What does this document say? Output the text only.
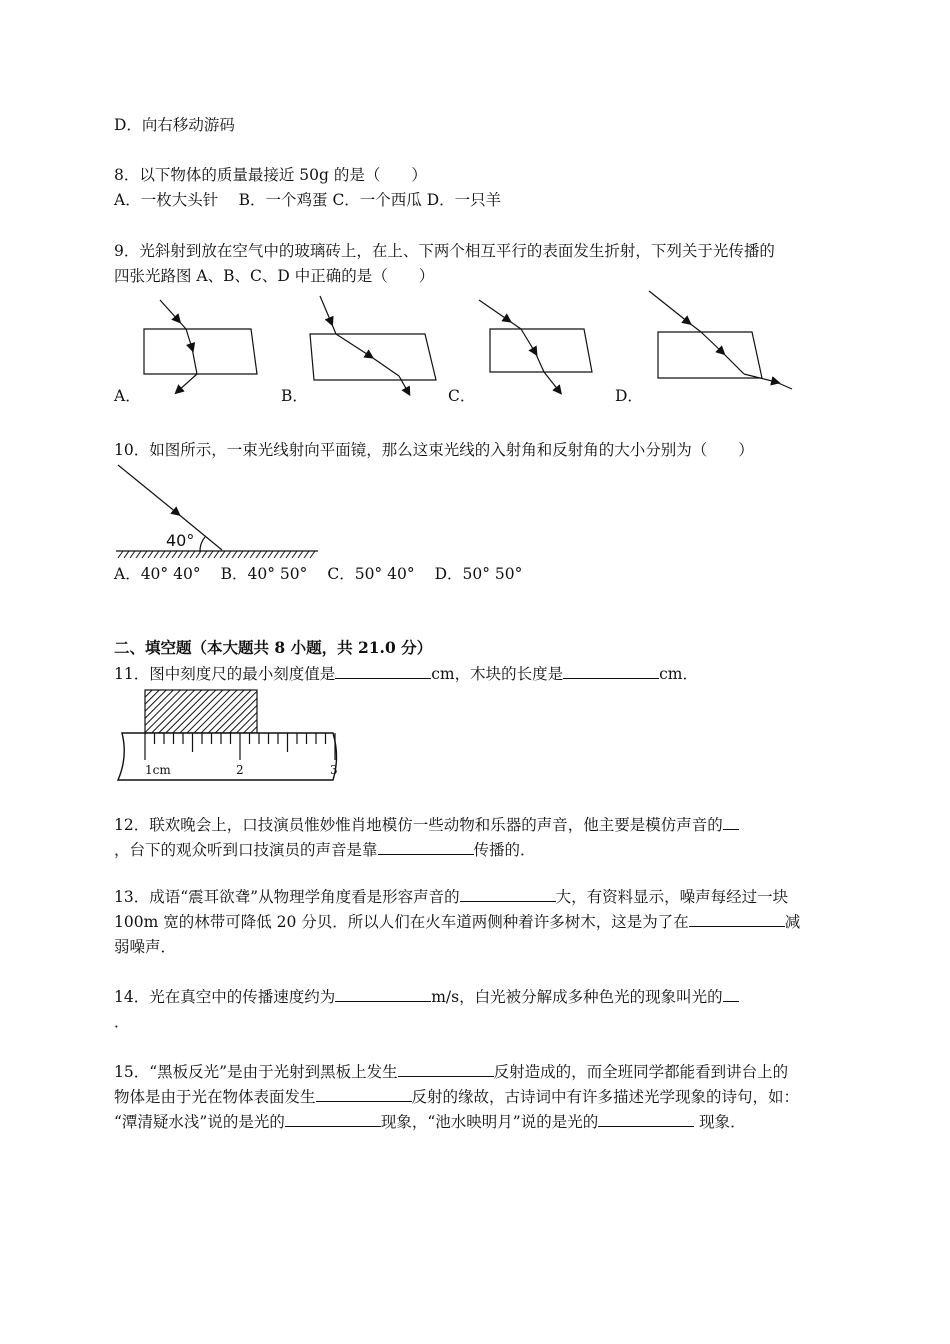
D．向右移动游码
8．以下物体的质量最接近 50g 的是（　　）
A．一枚大头针　 B．一个鸡蛋 C．一个西瓜 D．一只羊
9．光斜射到放在空气中的玻璃砖上，在上、下两个相互平行的表面发生折射，下列关于光传播的
四张光路图 A、B、C、D 中正确的是（　　）
A．	B．	C．	D．
10．如图所示，一束光线射向平面镜，那么这束光线的入射角和反射角的大小分别为（　　）
40°
A．40° 40° B．40° 50° C．50° 40° D．50° 50°
二、填空题（本大题共 8 小题，共 21.0 分）
11．图中刻度尺的最小刻度值是	cm，木块的长度是	cm．
1cm	2	3
12．联欢晚会上，口技演员惟妙惟肖地模仿一些动物和乐器的声音，他主要是模仿声音的
，台下的观众听到口技演员的声音是靠	传播的．
13．成语“震耳欲聋”从物理学角度看是形容声音的	大，有资料显示，噪声每经过一块
100m 宽的林带可降低 20 分贝．所以人们在火车道两侧种着许多树木，这是为了在	减
弱噪声．
14．光在真空中的传播速度约为	m/s，白光被分解成多种色光的现象叫光的
．
15．“黑板反光”是由于光射到黑板上发生	反射造成的，而全班同学都能看到讲台上的
物体是由于光在物体表面发生	反射的缘故，古诗词中有许多描述光学现象的诗句，如：
“潭清疑水浅”说的是光的	现象，“池水映明月”说的是光的	现象．
